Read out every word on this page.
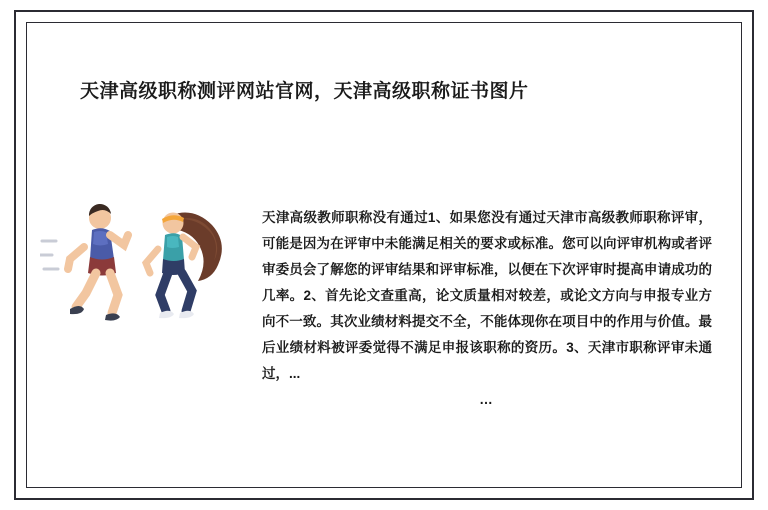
天津高级职称测评网站官网，天津高级职称证书图片
天津高级教师职称没有通过1、如果您没有通过天津市高级教师职称评审，可能是因为在评审中未能满足相关的要求或标准。您可以向评审机构或者评审委员会了解您的评审结果和评审标准，以便在下次评审时提高申请成功的几率。2、首先论文查重高，论文质量相对较差，或论文方向与申报专业方向不一致。其次业绩材料提交不全，不能体现你在项目中的作用与价值。最后业绩材料被评委觉得不满足申报该职称的资历。3、天津市职称评审未通过，...
…
